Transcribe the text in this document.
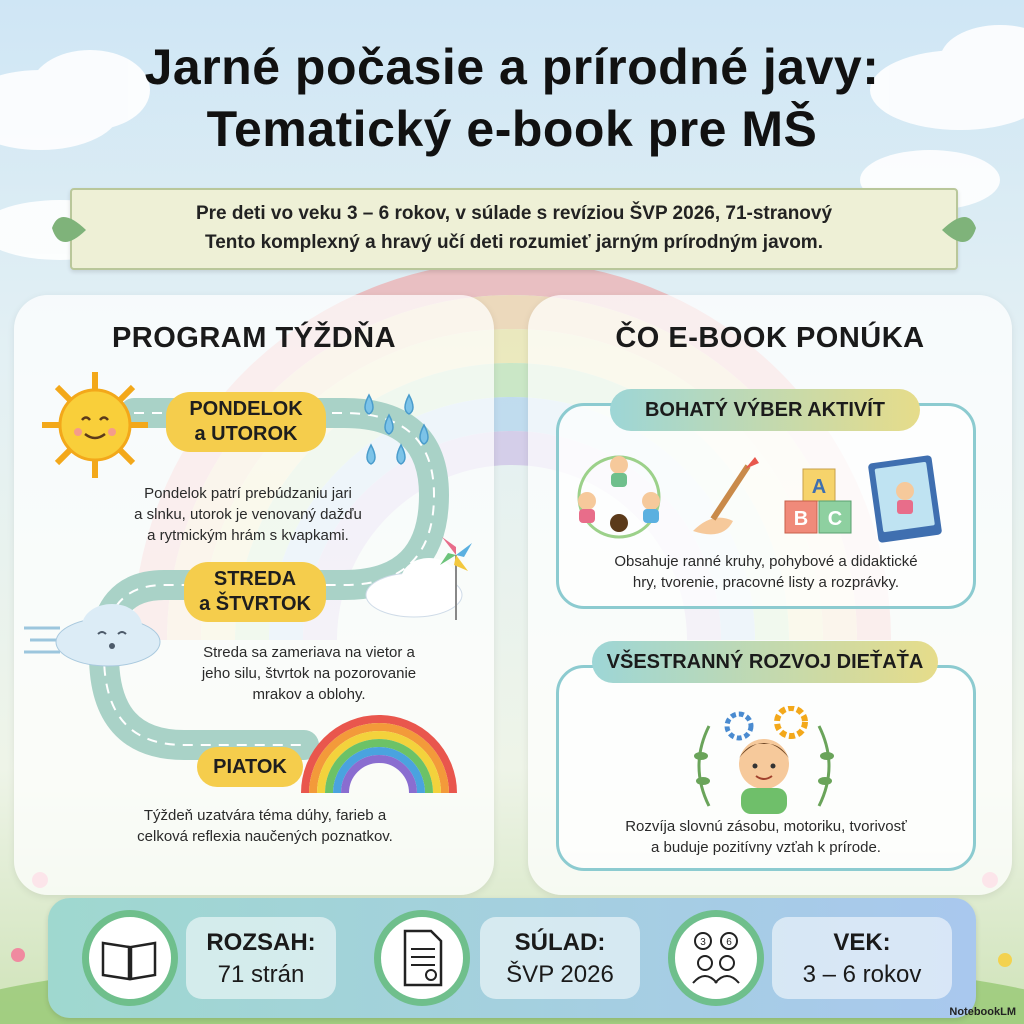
Jarné počasie a prírodné javy:
Tematický e-book pre MŠ
Pre deti vo veku 3 – 6 rokov, v súlade s revíziou ŠVP 2026, 71-stranový
Tento komplexný a hravý učí deti rozumieť jarným prírodným javom.
PROGRAM TÝŽDŇA
PONDELOK
a UTOROK
Pondelok patrí prebúdzaniu jari
a slnku, utorok je venovaný dažďu
a rytmickým hrám s kvapkami.
STREDA
a ŠTVRTOK
Streda sa zameriava na vietor a
jeho silu, štvrtok na pozorovanie
mrakov a oblohy.
PIATOK
Týždeň uzatvára téma dúhy, farieb a
celková reflexia naučených poznatkov.
ČO E-BOOK PONÚKA
A
B C
Obsahuje ranné kruhy, pohybové a didaktické
hry, tvorenie, pracovné listy a rozprávky.
BOHATÝ VÝBER AKTIVÍT
Rozvíja slovnú zásobu, motoriku, tvorivosť
a buduje pozitívny vzťah k prírode.
VŠESTRANNÝ ROZVOJ DIEŤAŤA
ROZSAH:
71 strán
SÚLAD:
ŠVP 2026
3 6	VEK:
3 – 6 rokov
NotebookLM
